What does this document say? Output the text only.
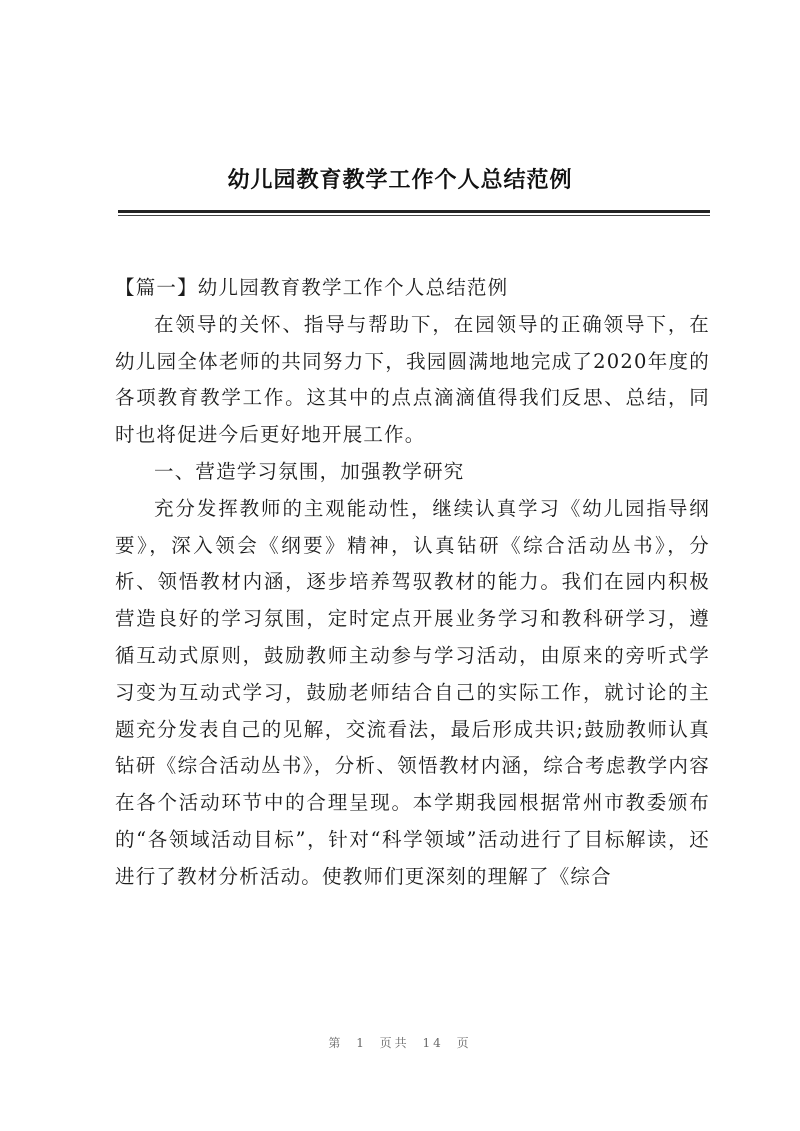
幼儿园教育教学工作个人总结范例

【篇一】幼儿园教育教学工作个人总结范例

在领导的关怀、指导与帮助下，在园领导的正确领导下，在幼儿园全体老师的共同努力下，我园圆满地地完成了2020年度的各项教育教学工作。这其中的点点滴滴值得我们反思、总结，同时也将促进今后更好地开展工作。

一、营造学习氛围，加强教学研究

充分发挥教师的主观能动性，继续认真学习《幼儿园指导纲要》，深入领会《纲要》精神，认真钻研《综合活动丛书》，分析、领悟教材内涵，逐步培养驾驭教材的能力。我们在园内积极营造良好的学习氛围，定时定点开展业务学习和教科研学习，遵循互动式原则，鼓励教师主动参与学习活动，由原来的旁听式学习变为互动式学习，鼓励老师结合自己的实际工作，就讨论的主题充分发表自己的见解，交流看法，最后形成共识;鼓励教师认真钻研《综合活动丛书》，分析、领悟教材内涵，综合考虑教学内容在各个活动环节中的合理呈现。本学期我园根据常州市教委颁布的“各领域活动目标”，针对“科学领域”活动进行了目标解读，还进行了教材分析活动。使教师们更深刻的理解了《综合

第 1 页共 14 页
